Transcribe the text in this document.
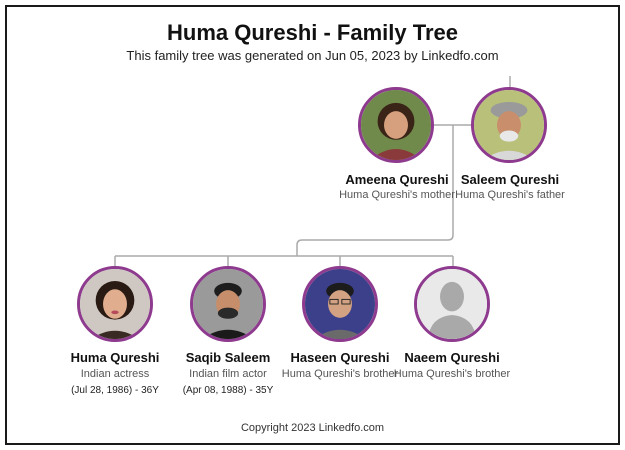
Huma Qureshi - Family Tree
This family tree was generated on Jun 05, 2023 by Linkedfo.com
Ameena Qureshi
Huma Qureshi's mother
Saleem Qureshi
Huma Qureshi's father
Huma Qureshi
Indian actress
(Jul 28, 1986) - 36Y
Saqib Saleem
Indian film actor
(Apr 08, 1988) - 35Y
Haseen Qureshi
Huma Qureshi's brother
Naeem Qureshi
Huma Qureshi's brother
Copyright 2023 Linkedfo.com
